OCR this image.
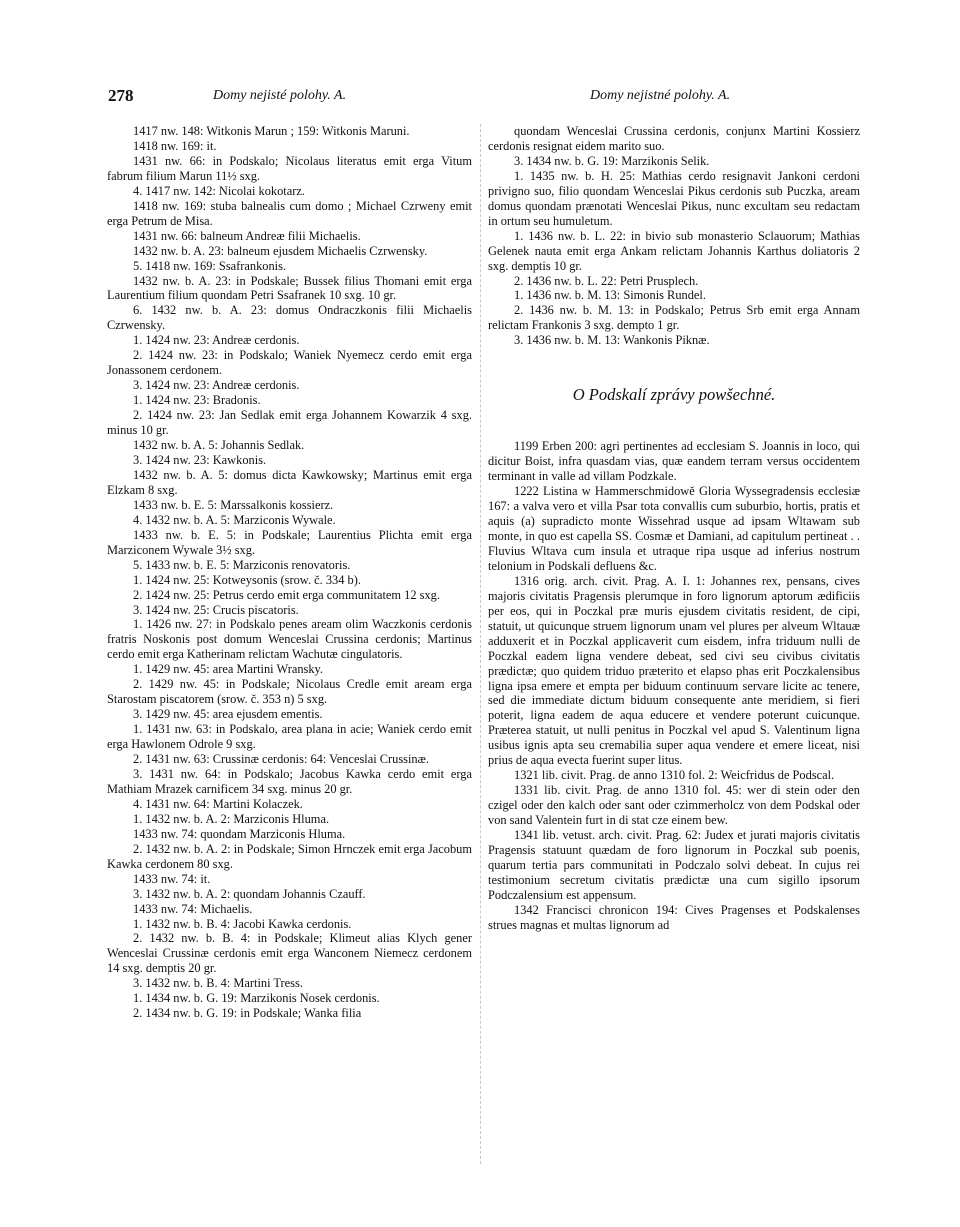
278	Domy nejisté polohy. A.	Domy nejistné polohy. A.

1417 nw. 148: Witkonis Marun ; 159: Witkonis Maruni.

1418 nw. 169: it.

1431 nw. 66: in Podskalo; Nicolaus literatus emit erga Vitum fabrum filium Marun 11½ sxg.

4. 1417 nw. 142: Nicolai kokotarz.

1418 nw. 169: stuba balnealis cum domo ; Michael Czrweny emit erga Petrum de Misa.

1431 nw. 66: balneum Andreæ filii Michaelis.

1432 nw. b. A. 23: balneum ejusdem Michaelis Czrwensky.

5. 1418 nw. 169: Ssafrankonis.

1432 nw. b. A. 23: in Podskale; Bussek filius Thomani emit erga Laurentium filium quondam Petri Ssafranek 10 sxg. 10 gr.

6. 1432 nw. b. A. 23: domus Ondraczkonis filii Michaelis Czrwensky.

1. 1424 nw. 23: Andreæ cerdonis.

2. 1424 nw. 23: in Podskalo; Waniek Nyemecz cerdo emit erga Jonassonem cerdonem.

3. 1424 nw. 23: Andreæ cerdonis.

1. 1424 nw. 23: Bradonis.

2. 1424 nw. 23: Jan Sedlak emit erga Johannem Kowarzik 4 sxg. minus 10 gr.

1432 nw. b. A. 5: Johannis Sedlak.

3. 1424 nw. 23: Kawkonis.

1432 nw. b. A. 5: domus dicta Kawkowsky; Martinus emit erga Elzkam 8 sxg.

1433 nw. b. E. 5: Marssalkonis kossierz.

4. 1432 nw. b. A. 5: Marziconis Wywale.

1433 nw. b. E. 5: in Podskale; Laurentius Plichta emit erga Marziconem Wywale 3½ sxg.

5. 1433 nw. b. E. 5: Marziconis renovatoris.

1. 1424 nw. 25: Kotweysonis (srow. č. 334 b).

2. 1424 nw. 25: Petrus cerdo emit erga communitatem 12 sxg.

3. 1424 nw. 25: Crucis piscatoris.

1. 1426 nw. 27: in Podskalo penes aream olim Waczkonis cerdonis fratris Noskonis post domum Wenceslai Crussina cerdonis; Martinus cerdo emit erga Katherinam relictam Wachutæ cingulatoris.

1. 1429 nw. 45: area Martini Wransky.

2. 1429 nw. 45: in Podskale; Nicolaus Credle emit aream erga Starostam piscatorem (srow. č. 353 n) 5 sxg.

3. 1429 nw. 45: area ejusdem ementis.

1. 1431 nw. 63: in Podskalo, area plana in acie; Waniek cerdo emit erga Hawlonem Odrole 9 sxg.

2. 1431 nw. 63: Crussinæ cerdonis: 64: Venceslai Crussinæ.

3. 1431 nw. 64: in Podskalo; Jacobus Kawka cerdo emit erga Mathiam Mrazek carnificem 34 sxg. minus 20 gr.

4. 1431 nw. 64: Martini Kolaczek.

1. 1432 nw. b. A. 2: Marziconis Hluma.

1433 nw. 74: quondam Marziconis Hluma.

2. 1432 nw. b. A. 2: in Podskale; Simon Hrnczek emit erga Jacobum Kawka cerdonem 80 sxg.

1433 nw. 74: it.

3. 1432 nw. b. A. 2: quondam Johannis Czauff.

1433 nw. 74: Michaelis.

1. 1432 nw. b. B. 4: Jacobi Kawka cerdonis.

2. 1432 nw. b. B. 4: in Podskale; Klimeut alias Klych gener Wenceslai Crussinæ cerdonis emit erga Wanconem Niemecz cerdonem 14 sxg. demptis 20 gr.

3. 1432 nw. b. B. 4: Martini Tress.

1. 1434 nw. b. G. 19: Marzikonis Nosek cerdonis.

2. 1434 nw. b. G. 19: in Podskale; Wanka filia

quondam Wenceslai Crussina cerdonis, conjunx Martini Kossierz cerdonis resignat eidem marito suo.

3. 1434 nw. b. G. 19: Marzikonis Selik.

1. 1435 nw. b. H. 25: Mathias cerdo resignavit Jankoni cerdoni privigno suo, filio quondam Wenceslai Pikus cerdonis sub Puczka, aream domus quondam prænotati Wenceslai Pikus, nunc excultam seu redactam in ortum seu humuletum.

1. 1436 nw. b. L. 22: in bivio sub monasterio Sclauorum; Mathias Gelenek nauta emit erga Ankam relictam Johannis Karthus doliatoris 2 sxg. demptis 10 gr.

2. 1436 nw. b. L. 22: Petri Prusplech.

1. 1436 nw. b. M. 13: Simonis Rundel.

2. 1436 nw. b. M. 13: in Podskalo; Petrus Srb emit erga Annam relictam Frankonis 3 sxg. dempto 1 gr.

3. 1436 nw. b. M. 13: Wankonis Piknæ.

O Podskalí zprávy powšechné.

1199 Erben 200: agri pertinentes ad ecclesiam S. Joannis in loco, qui dicitur Boist, infra quasdam vias, quæ eandem terram versus occidentem terminant in valle ad villam Podzkale.

1222 Listina w Hammerschmidowě Gloria Wyssegradensis ecclesiæ 167: a valva vero et villa Psar tota convallis cum suburbio, hortis, pratis et aquis (a) supradicto monte Wissehrad usque ad ipsam Wltawam sub monte, in quo est capella SS. Cosmæ et Damiani, ad capitulum pertineat . . Fluvius Wltava cum insula et utraque ripa usque ad inferius nostrum telonium in Podskali defluens &c.

1316 orig. arch. civit. Prag. A. I. 1: Johannes rex, pensans, cives majoris civitatis Pragensis plerumque in foro lignorum aptorum ædificiis per eos, qui in Poczkal præ muris ejusdem civitatis resident, de cipi, statuit, ut quicunque struem lignorum unam vel plures per alveum Wltauæ adduxerit et in Poczkal applicaverit cum eisdem, infra triduum nulli de Poczkal eadem ligna vendere debeat, sed civi seu civibus civitatis prædictæ; quo quidem triduo præterito et elapso phas erit Poczkalensibus ligna ipsa emere et empta per biduum continuum servare licite ac tenere, sed die immediate dictum biduum consequente ante meridiem, si fieri poterit, ligna eadem de aqua educere et vendere poterunt cuicunque. Præterea statuit, ut nulli penitus in Poczkal vel apud S. Valentinum ligna usibus ignis apta seu cremabilia super aqua vendere et emere liceat, nisi prius de aqua evecta fuerint super litus.

1321 lib. civit. Prag. de anno 1310 fol. 2: Weicfridus de Podscal.

1331 lib. civit. Prag. de anno 1310 fol. 45: wer di stein oder den czigel oder den kalch oder sant oder czimmerholcz von dem Podskal oder von sand Valentein furt in di stat cze einem bew.

1341 lib. vetust. arch. civit. Prag. 62: Judex et jurati majoris civitatis Pragensis statuunt quædam de foro lignorum in Poczkal sub poenis, quarum tertia pars communitati in Podczalo solvi debeat. In cujus rei testimonium secretum civitatis prædictæ una cum sigillo ipsorum Podczalensium est appensum.

1342 Francisci chronicon 194: Cives Pragenses et Podskalenses strues magnas et multas lignorum ad
